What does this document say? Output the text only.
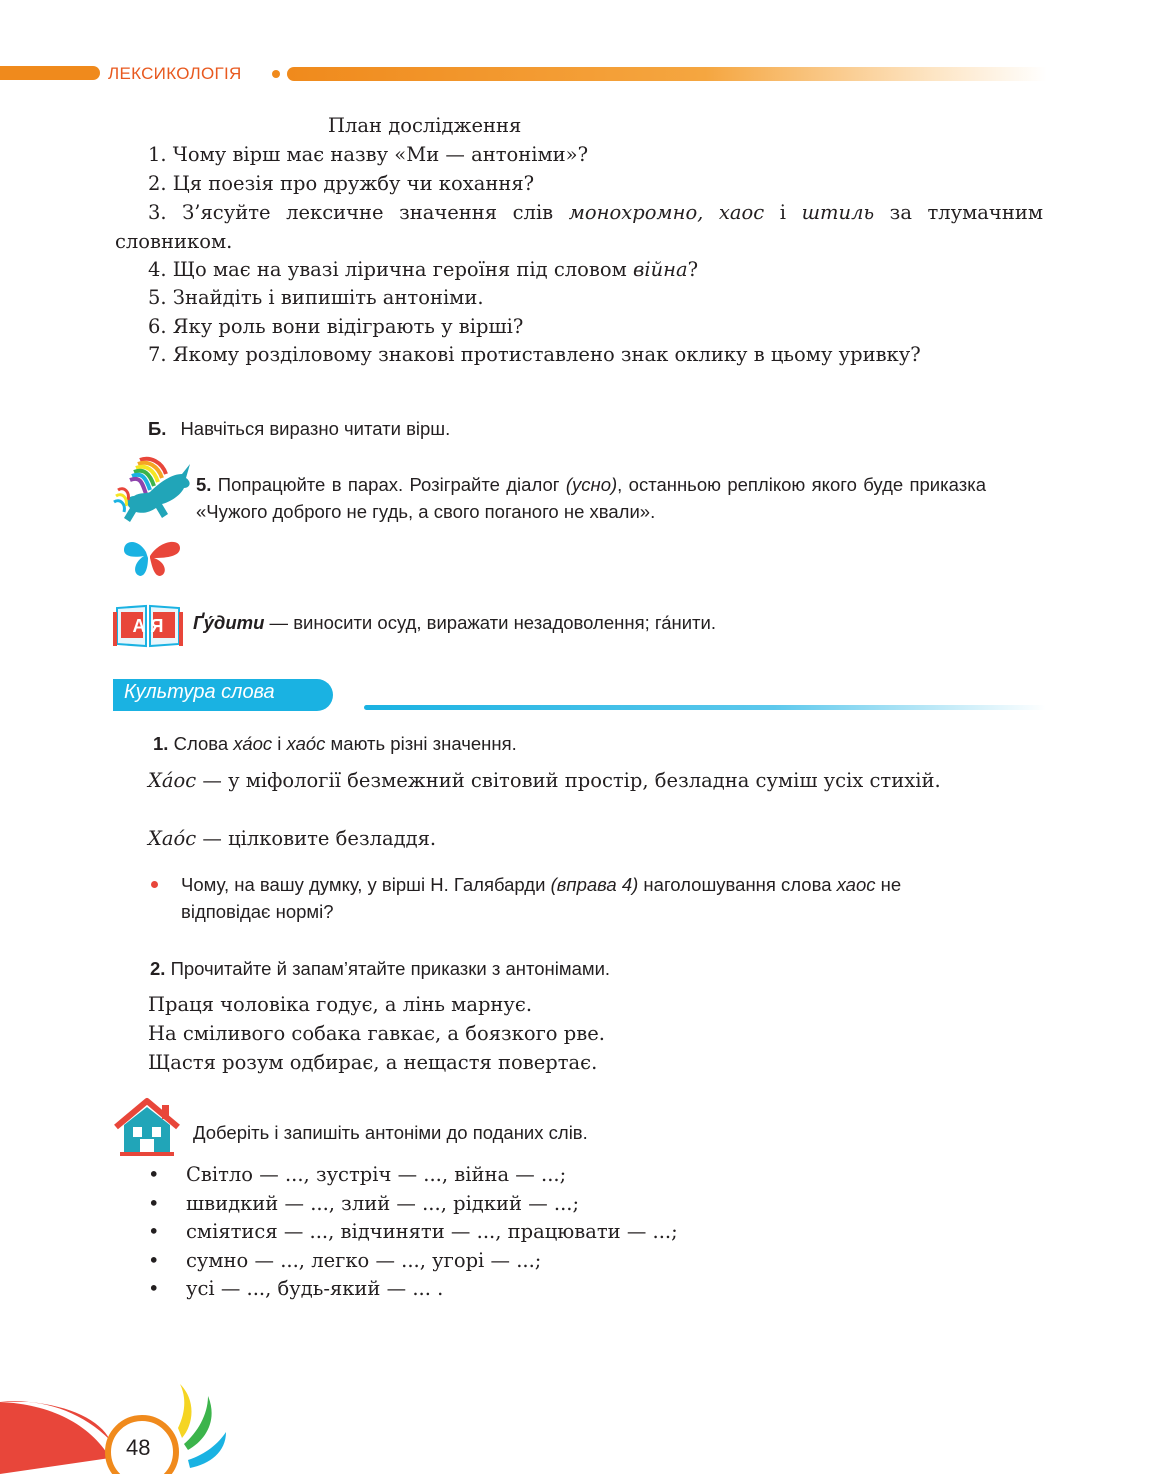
ЛЕКСИКОЛОГІЯ
План дослідження
1. Чому вірш має назву «Ми — антоніми»?
2. Ця поезія про дружбу чи кохання?
3. З’ясуйте лексичне значення слів монохромно, хаос і штиль за тлумачним словником.
4. Що має на увазі лірична героїня під словом війна?
5. Знайдіть і випишіть антоніми.
6. Яку роль вони відіграють у вірші?
7. Якому розділовому знакові протиставлено знак оклику в цьому уривку?
Б. Навчіться виразно читати вірш.
5. Попрацюйте в парах. Розіграйте діалог (усно), останньою реплікою якого буде приказка «Чужого доброго не гудь, а свого поганого не хвали».
А Я Ґу́дити — виносити осуд, виражати незадоволення; га́нити.
Культура слова
1. Слова ха́ос і хао́с мають різні значення.
Ха́ос — у міфології безмежний світовий простір, безладна суміш усіх стихій.
Хао́с — цілковите безладдя.
Чому, на вашу думку, у вірші Н. Галябарди (вправа 4) наголошування слова хаос не відповідає нормі?
2. Прочитайте й запам’ятайте приказки з антонімами.
Праця чоловіка годує, а лінь марнує.
На сміливого собака гавкає, а боязкого рве.
Щастя розум одбирає, а нещастя повертає.
Доберіть і запишіть антоніми до поданих слів.
• Світло — ..., зустріч — ..., війна — ...;
• швидкий — ..., злий — ..., рідкий — ...;
• сміятися — ..., відчиняти — ..., працювати — ...;
• сумно — ..., легко — ..., угорі — ...;
• усі — ..., будь-який — ... .
48
